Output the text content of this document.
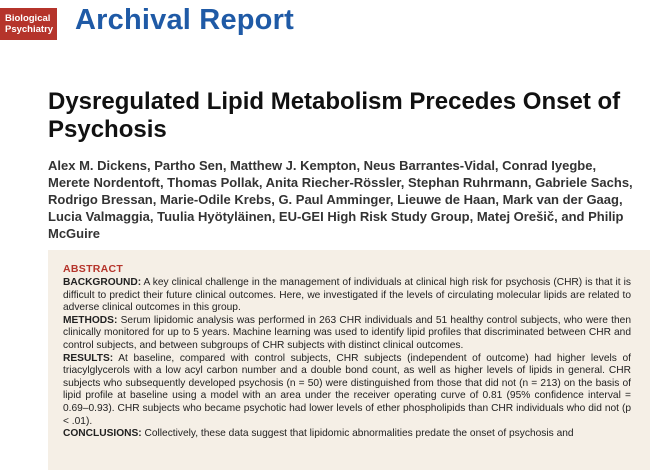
Biological
Psychiatry Archival Report
Dysregulated Lipid Metabolism Precedes Onset of Psychosis
Alex M. Dickens, Partho Sen, Matthew J. Kempton, Neus Barrantes-Vidal, Conrad Iyegbe, Merete Nordentoft, Thomas Pollak, Anita Riecher-Rössler, Stephan Ruhrmann, Gabriele Sachs, Rodrigo Bressan, Marie-Odile Krebs, G. Paul Amminger, Lieuwe de Haan, Mark van der Gaag, Lucia Valmaggia, Tuulia Hyötyläinen, EU-GEI High Risk Study Group, Matej Orešič, and Philip McGuire
ABSTRACT

BACKGROUND: A key clinical challenge in the management of individuals at clinical high risk for psychosis (CHR) is that it is difficult to predict their future clinical outcomes. Here, we investigated if the levels of circulating molecular lipids are related to adverse clinical outcomes in this group.

METHODS: Serum lipidomic analysis was performed in 263 CHR individuals and 51 healthy control subjects, who were then clinically monitored for up to 5 years. Machine learning was used to identify lipid profiles that discriminated between CHR and control subjects, and between subgroups of CHR subjects with distinct clinical outcomes.

RESULTS: At baseline, compared with control subjects, CHR subjects (independent of outcome) had higher levels of triacylglycerols with a low acyl carbon number and a double bond count, as well as higher levels of lipids in general. CHR subjects who subsequently developed psychosis (n = 50) were distinguished from those that did not (n = 213) on the basis of lipid profile at baseline using a model with an area under the receiver operating curve of 0.81 (95% confidence interval = 0.69–0.93). CHR subjects who became psychotic had lower levels of ether phospholipids than CHR individuals who did not (p < .01).

CONCLUSIONS: Collectively, these data suggest that lipidomic abnormalities predate the onset of psychosis and
